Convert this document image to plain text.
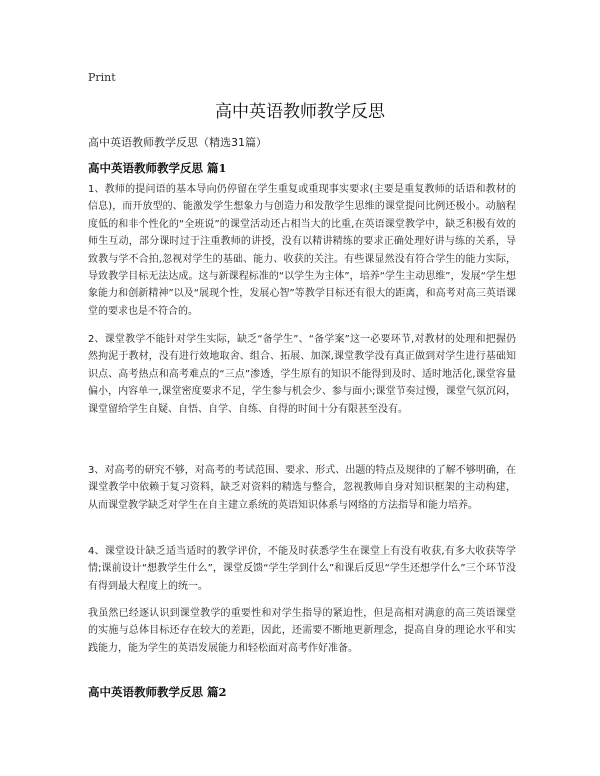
Print
高中英语教师教学反思
高中英语教师教学反思（精选31篇）
高中英语教师教学反思 篇1

1、教师的提问语的基本导向仍停留在学生重复或重现事实要求(主要是重复教师的话语和教材的信息)，而开放型的、能激发学生想象力与创造力和发散学生思维的课堂提问比例还极小。动脑程度低的和非个性化的“全班说”的课堂活动还占相当大的比重,在英语课堂教学中，缺乏积极有效的师生互动，部分课时过于注重教师的讲授，没有以精讲精练的要求正确处理好讲与练的关系，导致教与学不合拍,忽视对学生的基础、能力、收获的关注。有些课显然没有符合学生的能力实际，导致教学目标无法达成。这与新课程标准的“以学生为主体”，培养“学生主动思维”，发展“学生想象能力和创新精神”以及“展现个性，发展心智”等教学目标还有很大的距离，和高考对高三英语课堂的要求也是不符合的。

2、课堂教学不能针对学生实际，缺乏“备学生”、“备学案”这一必要环节,对教材的处理和把握仍然拘泥于教材，没有进行效地取舍、组合、拓展、加深,课堂教学没有真正做到对学生进行基础知识点、高考热点和高考难点的“三点”渗透，学生原有的知识不能得到及时、适时地活化,课堂容量偏小，内容单一,课堂密度要求不足，学生参与机会少、参与面小;课堂节奏过慢，课堂气氛沉闷，课堂留给学生自疑、自悟、自学、自练、自得的时间十分有限甚至没有。

3、对高考的研究不够，对高考的考试范围、要求、形式、出题的特点及规律的了解不够明确，在课堂教学中依赖于复习资料，缺乏对资料的精选与整合，忽视教师自身对知识框架的主动构建，从而课堂教学缺乏对学生在自主建立系统的英语知识体系与网络的方法指导和能力培养。

4、课堂设计缺乏适当适时的教学评价，不能及时获悉学生在课堂上有没有收获,有多大收获等学情;课前设计“想教学生什么”，课堂反馈“学生学到什么”和课后反思“学生还想学什么”三个环节没有得到最大程度上的统一。

我虽然已经逐认识到课堂教学的重要性和对学生指导的紧迫性，但是高相对满意的高三英语课堂的实施与总体目标还存在较大的差距，因此，还需要不断地更新理念，提高自身的理论水平和实践能力，能为学生的英语发展能力和轻松面对高考作好准备。

高中英语教师教学反思 篇2
